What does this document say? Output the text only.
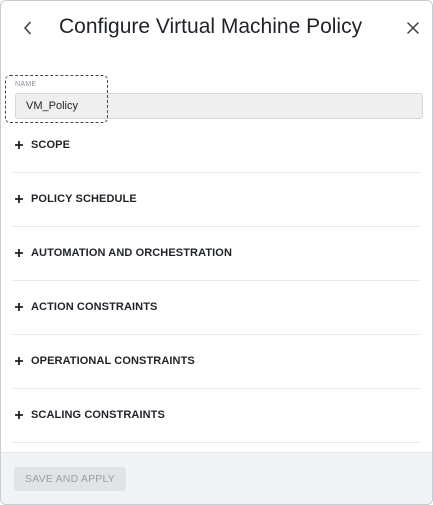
Configure Virtual Machine Policy
VM_Policy
NAME
SCOPE
POLICY SCHEDULE
AUTOMATION AND ORCHESTRATION
ACTION CONSTRAINTS
OPERATIONAL CONSTRAINTS
SCALING CONSTRAINTS
SAVE AND APPLY
